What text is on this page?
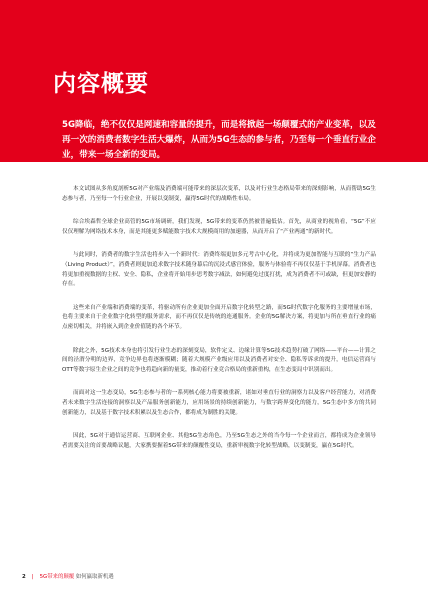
内容概要

5G降临，绝不仅仅是网速和容量的提升，而是将掀起一场颠覆式的产业变革，以及再一次的消费者数字生活大爆炸，从而为5G生态的参与者，乃至每一个垂直行业企业，带来一场全新的变局。

本文试图从多角度剖析5G对产业端及消费端可能带来的深层次变革，以及对行业生态格局带来的深刻影响，从而帮助5G生态参与者，乃至每一个行业企业，开展以变制变，赢得5G时代的战略性布局。

综合埃森哲全球企业高管的5G市场调研，我们发现，5G带来的变革仍然被普遍低估。首先，从商业的视角看，“5G”不应仅仅理解为网络技术本身，而是其能更多赋能数字技术大规模商用的加速器，从而开启了“产业两通”的新时代。

与此同时，消费者的数字生活也将步入一个新时代：消费终端更加多元考古中心化，并将成为更加智能与互联的“生力产品（Living Product）”，消费者则更加追求数字技术随身幕后的沉浸式感官体验，服务与体验将不再仅仅基于手机屏幕。消费者也将更加重视数据的主权、安全、隐私，企业将开始用步思考数字减法，如何避免过度打扰，成为消费者不可或缺，但更加安静的存在。

这些来自产业端和消费端的变革，将驱动所有企业更加全面开启数字化转型之路，而5G时代数字化服务的主要增量市场，也将主要来自于企业数字化转型的服务需求，而不再仅仅是传统的连通服务。企业的5G解决方案，将更加与所在垂直行业的痛点密切相关，并将嵌入到企业价值链的各个环节。

除此之外，5G技术本身也将引发行业生态的深刻变局，软件定义、边缘计算等5G技术趋势打破了网络——平台——计算之间的泾渭分明的边界，竞争边界也将逐渐模糊；随着大规模产业级应用以及消费者对安全、隐私等诉求的提升，电信运营商与OTT等数字原生企业之间的竞争也将趋向新的量变，推动着行业竞合格局的重新重构，在生态变局中识别而出。

而面对这一生态变局，5G生态参与者的一系列核心能力将要被重新，诸如对垂直行业的洞察力以及客户经营能力，对消费者未来数字生活连接的洞察以及产品服务创新能力，应用场景的持续创新能力，与数字跨界变化的能力，5G生态中多方的共同创新能力，以及基于数字技术积累以及生态合作，都将成为制胜的关键。

因此，5G对于通信运营商、互联网企业、其他5G生态角色，乃至5G生态之外的当今每一个企业而言，都将成为企业领导者需要关注的首要战略议题，大家携要握着5G带来的颠覆性变局，重新审视数字化转型战略，以变制变，赢在5G时代。

2 | 5G带来的颠覆 如何赢取新机遇
